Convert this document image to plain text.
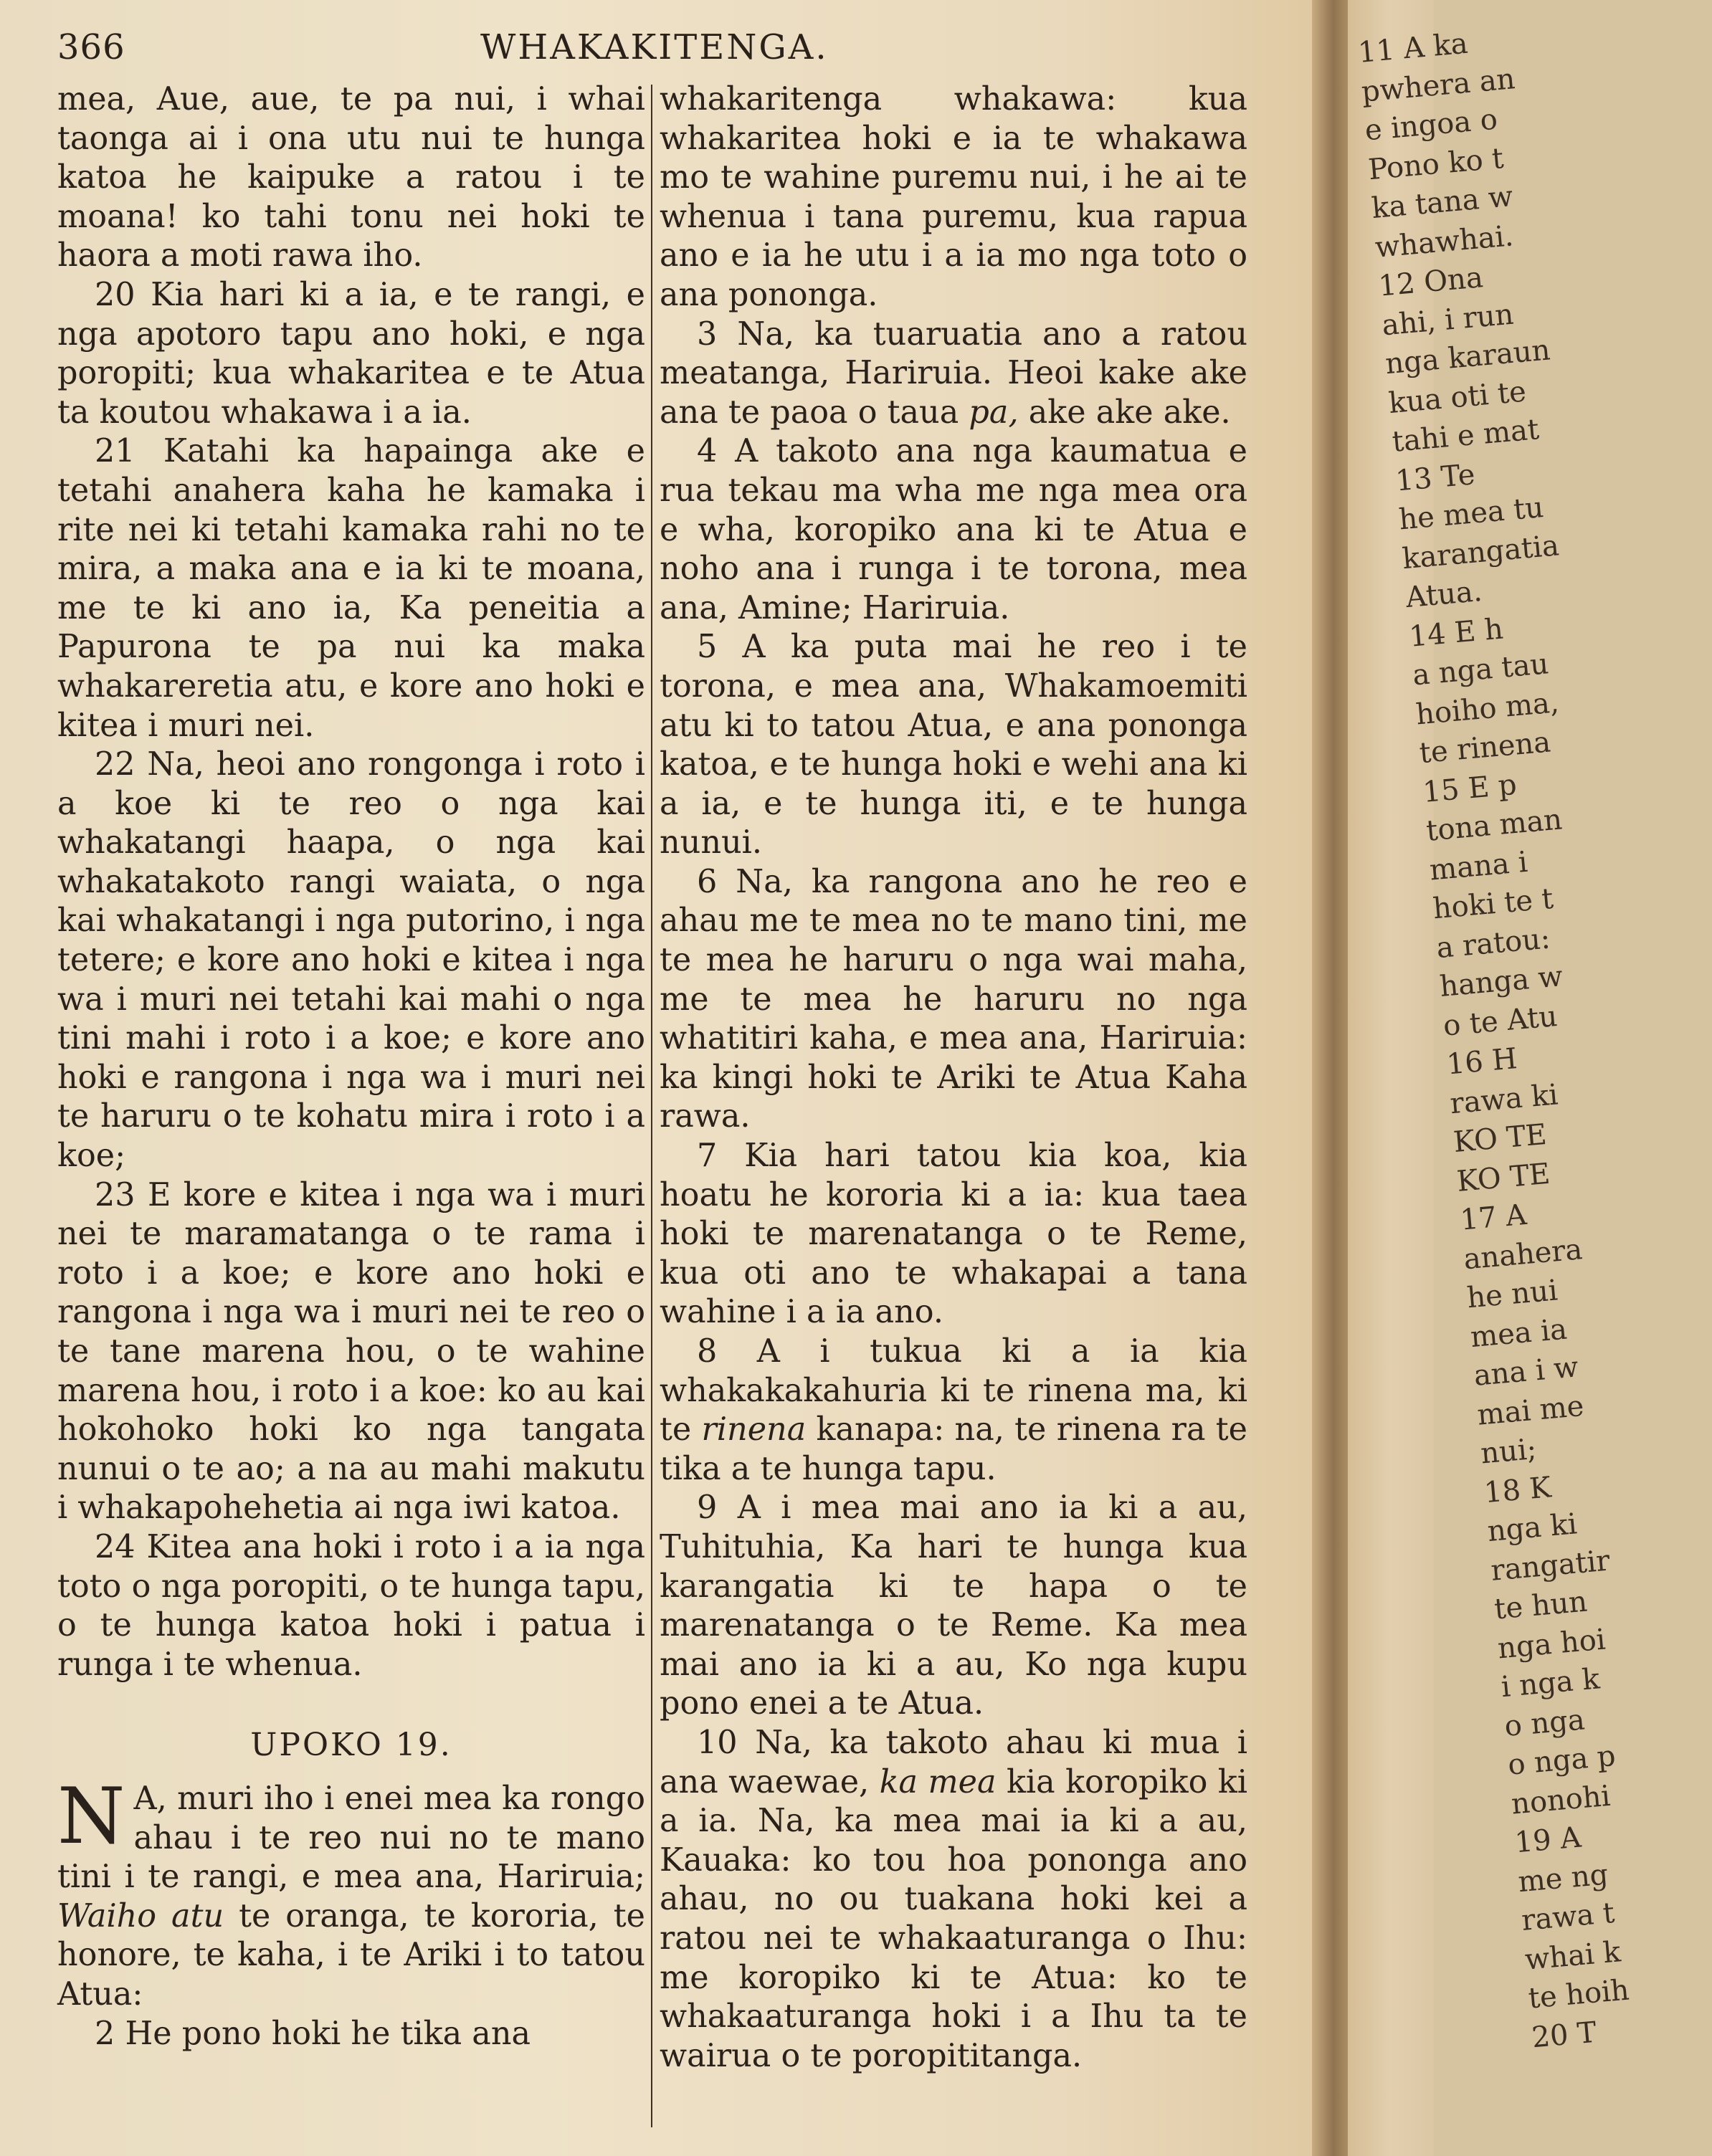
366	WHAKAKITENGA.

mea, Aue, aue, te pa nui, i whai taonga ai i ona utu nui te hunga katoa he kaipuke a ratou i te moana! ko tahi tonu nei hoki te haora a moti rawa iho.

20 Kia hari ki a ia, e te rangi, e nga apotoro tapu ano hoki, e nga poropiti; kua whakaritea e te Atua ta koutou whakawa i a ia.

21 Katahi ka hapainga ake e tetahi anahera kaha he kamaka i rite nei ki tetahi kamaka rahi no te mira, a maka ana e ia ki te moana, me te ki ano ia, Ka peneitia a Papurona te pa nui ka maka whakareretia atu, e kore ano hoki e kitea i muri nei.

22 Na, heoi ano rongonga i roto i a koe ki te reo o nga kai whakatangi haapa, o nga kai whakatakoto rangi waiata, o nga kai whakatangi i nga putorino, i nga tetere; e kore ano hoki e kitea i nga wa i muri nei tetahi kai mahi o nga tini mahi i roto i a koe; e kore ano hoki e rangona i nga wa i muri nei te haruru o te kohatu mira i roto i a koe;

23 E kore e kitea i nga wa i muri nei te maramatanga o te rama i roto i a koe; e kore ano hoki e rangona i nga wa i muri nei te reo o te tane marena hou, o te wahine marena hou, i roto i a koe: ko au kai hokohoko hoki ko nga tangata nunui o te ao; a na au mahi makutu i whakapohehetia ai nga iwi katoa.

24 Kitea ana hoki i roto i a ia nga toto o nga poropiti, o te hunga tapu, o te hunga katoa hoki i patua i runga i te whenua.

UPOKO 19.

N A, muri iho i enei mea ka rongo ahau i te reo nui no te mano tini i te rangi, e mea ana, Hariruia; Waiho atu te oranga, te kororia, te honore, te kaha, i te Ariki i to tatou Atua:

2 He pono hoki he tika ana

whakaritenga whakawa: kua whakaritea hoki e ia te whakawa mo te wahine puremu nui, i he ai te whenua i tana puremu, kua rapua ano e ia he utu i a ia mo nga toto o ana pononga.

3 Na, ka tuaruatia ano a ratou meatanga, Hariruia. Heoi kake ake ana te paoa o taua pa, ake ake ake.

4 A takoto ana nga kaumatua e rua tekau ma wha me nga mea ora e wha, koropiko ana ki te Atua e noho ana i runga i te torona, mea ana, Amine; Hariruia.

5 A ka puta mai he reo i te torona, e mea ana, Whakamoemiti atu ki to tatou Atua, e ana pononga katoa, e te hunga hoki e wehi ana ki a ia, e te hunga iti, e te hunga nunui.

6 Na, ka rangona ano he reo e ahau me te mea no te mano tini, me te mea he haruru o nga wai maha, me te mea he haruru no nga whatitiri kaha, e mea ana, Hariruia: ka kingi hoki te Ariki te Atua Kaha rawa.

7 Kia hari tatou kia koa, kia hoatu he kororia ki a ia: kua taea hoki te marenatanga o te Reme, kua oti ano te whakapai a tana wahine i a ia ano.

8 A i tukua ki a ia kia whakakakahuria ki te rinena ma, ki te rinena kanapa: na, te rinena ra te tika a te hunga tapu.

9 A i mea mai ano ia ki a au, Tuhituhia, Ka hari te hunga kua karangatia ki te hapa o te marenatanga o te Reme. Ka mea mai ano ia ki a au, Ko nga kupu pono enei a te Atua.

10 Na, ka takoto ahau ki mua i ana waewae, ka mea kia koropiko ki a ia. Na, ka mea mai ia ki a au, Kauaka: ko tou hoa pononga ano ahau, no ou tuakana hoki kei a ratou nei te whakaaturanga o Ihu: me koropiko ki te Atua: ko te whakaaturanga hoki i a Ihu ta te wairua o te poropititanga.

11 A ka
pwhera an
e ingoa o
Pono ko t
ka tana w
whawhai.
12 Ona
ahi, i run
nga karaun
kua oti te
tahi e mat
13 Te
he mea tu
karangatia
Atua.
14 E h
a nga tau
hoiho ma,
te rinena
15 E p
tona man
mana i
hoki te t
a ratou:
hanga w
o te Atu
16 H
rawa ki
KO TE
KO TE
17 A
anahera
he nui
mea ia
ana i w
mai me
nui;
18 K
nga ki
rangatir
te hun
nga hoi
i nga k
o nga
o nga p
nonohi
19 A
me ng
rawa t
whai k
te hoih
20 T
